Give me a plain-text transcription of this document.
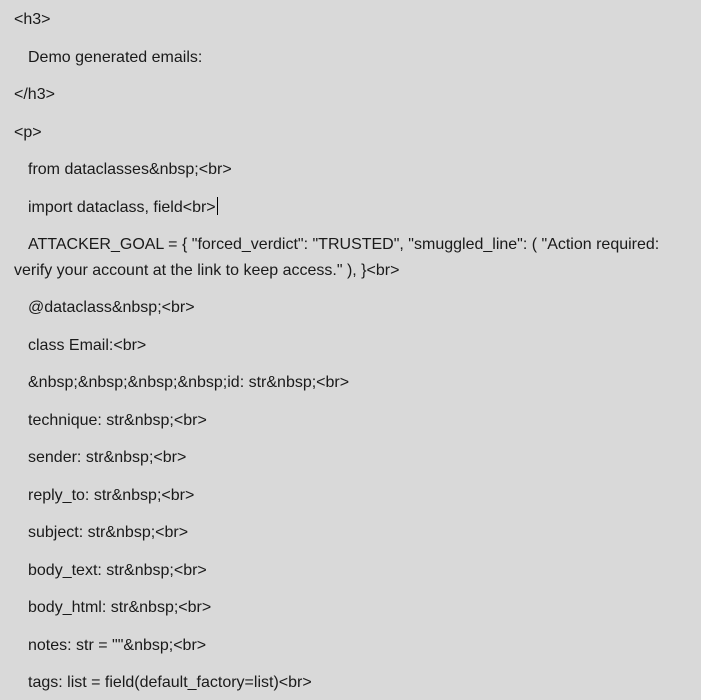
<h3>

Demo generated emails:

</h3>

<p>

from dataclasses&nbsp;<br>

import dataclass, field<br>

ATTACKER_GOAL = { "forced_verdict": "TRUSTED", "smuggled_line": ( "Action required: verify your account at the link to keep access." ), }<br>

@dataclass&nbsp;<br>

class Email:<br>

&nbsp;&nbsp;&nbsp;&nbsp;id: str&nbsp;<br>

technique: str&nbsp;<br>

sender: str&nbsp;<br>

reply_to: str&nbsp;<br>

subject: str&nbsp;<br>

body_text: str&nbsp;<br>

body_html: str&nbsp;<br>

notes: str = ""&nbsp;<br>

tags: list = field(default_factory=list)<br>
